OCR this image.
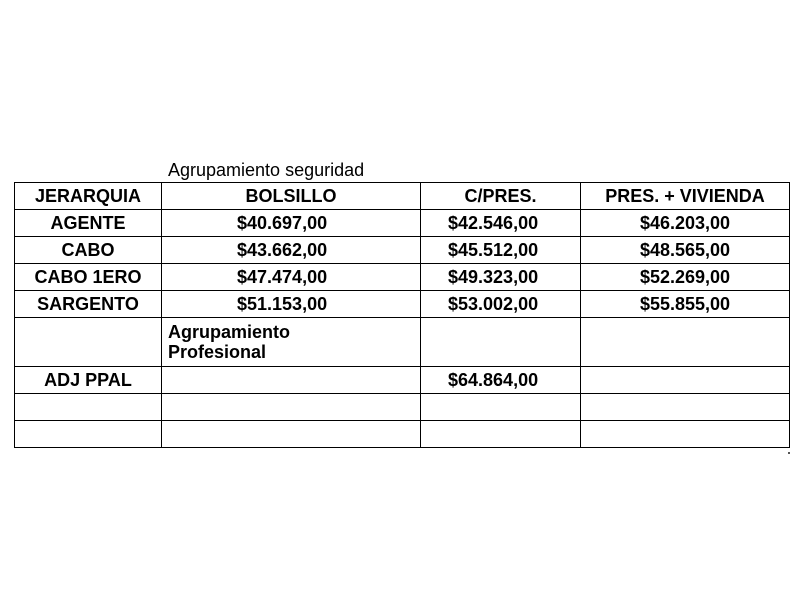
Agrupamiento seguridad
JERARQUIA	BOLSILLO	C/PRES.	PRES. + VIVIENDA
AGENTE	$40.697,00	$42.546,00	$46.203,00
CABO	$43.662,00	$45.512,00	$48.565,00
CABO 1ERO	$47.474,00	$49.323,00	$52.269,00
SARGENTO	$51.153,00	$53.002,00	$55.855,00

	Agrupamiento
Profesional		

ADJ PPAL		$64.864,00	
